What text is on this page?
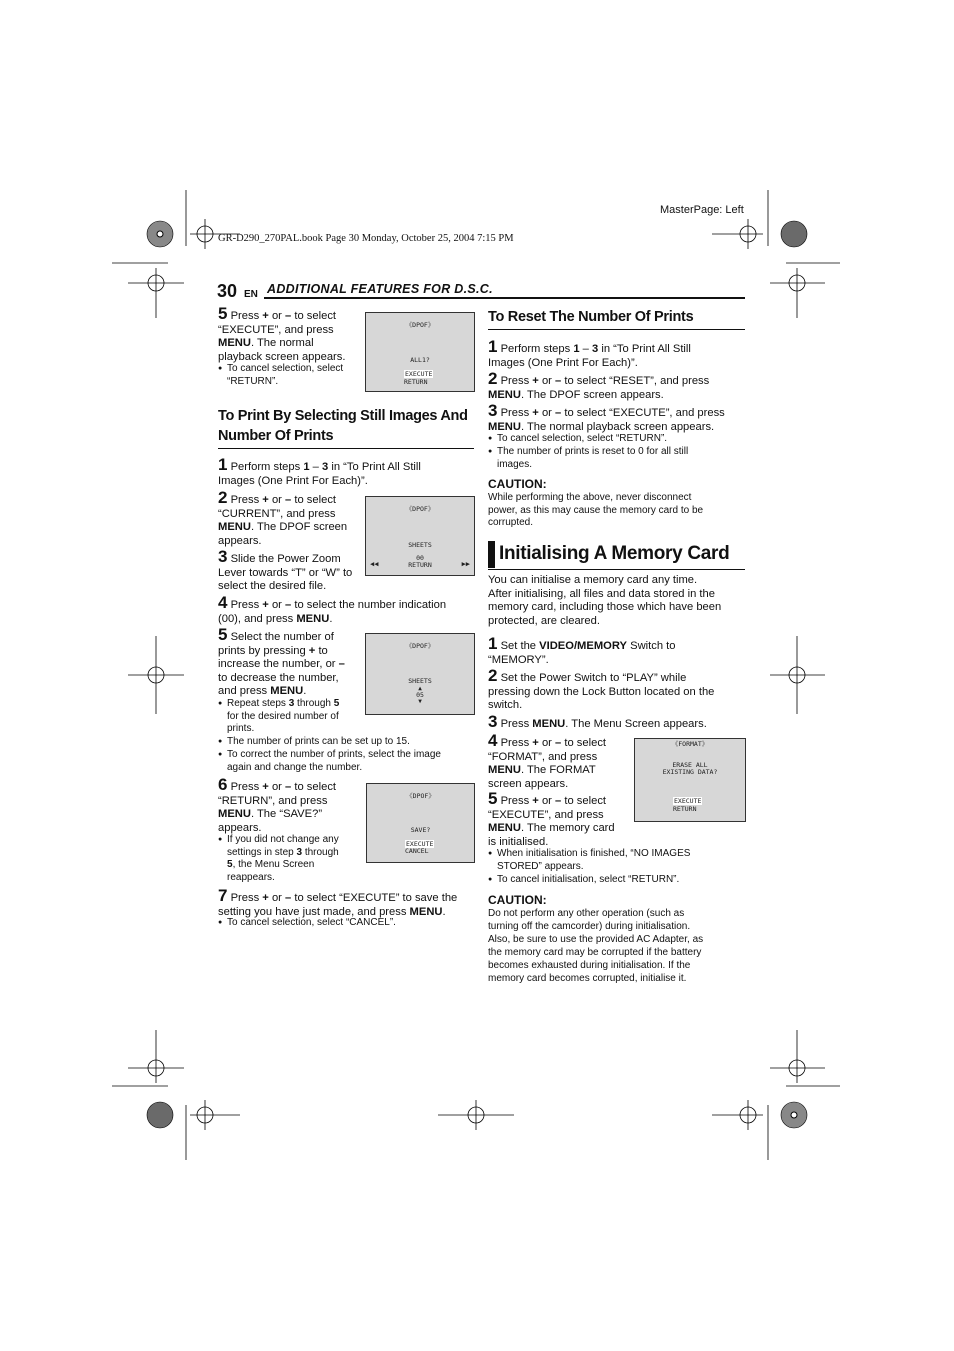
MasterPage: Left
GR-D290_270PAL.book Page 30 Monday, October 25, 2004 7:15 PM
30 EN ADDITIONAL FEATURES FOR D.S.C.
5 Press + or – to select
“EXECUTE”, and press
MENU. The normal
playback screen appears.
● To cancel selection, select
“RETURN”.
《DPOF》
ALL1?
EXECUTE
RETURN
To Print By Selecting Still Images And
Number Of Prints
1 Perform steps 1 – 3 in “To Print All Still
Images (One Print For Each)”.
2 Press + or – to select
“CURRENT”, and press
MENU. The DPOF screen
appears.
3 Slide the Power Zoom
Lever towards “T” or “W” to
select the desired file.
《DPOF》
SHEETS
00
RETURN
◀◀	▶▶
4 Press + or – to select the number indication
(00), and press MENU.
5 Select the number of
prints by pressing + to
increase the number, or –
to decrease the number,
and press MENU.
● Repeat steps 3 through 5
for the desired number of
prints.
● The number of prints can be set up to 15.
● To correct the number of prints, select the image
again and change the number.
《DPOF》
SHEETS
▲
05
▼
6 Press + or – to select
“RETURN”, and press
MENU. The “SAVE?”
appears.
● If you did not change any
settings in step 3 through
5, the Menu Screen
reappears.
《DPOF》
SAVE?
EXECUTE
CANCEL
7 Press + or – to select “EXECUTE” to save the
setting you have just made, and press MENU.
● To cancel selection, select “CANCEL”.
To Reset The Number Of Prints
1 Perform steps 1 – 3 in “To Print All Still
Images (One Print For Each)”.
2 Press + or – to select “RESET”, and press
MENU. The DPOF screen appears.
3 Press + or – to select “EXECUTE”, and press
MENU. The normal playback screen appears.
● To cancel selection, select “RETURN”.
● The number of prints is reset to 0 for all still
images.
CAUTION:
While performing the above, never disconnect
power, as this may cause the memory card to be
corrupted.
Initialising A Memory Card
You can initialise a memory card any time.
After initialising, all files and data stored in the
memory card, including those which have been
protected, are cleared.
1 Set the VIDEO/MEMORY Switch to
“MEMORY”.
2 Set the Power Switch to “PLAY” while
pressing down the Lock Button located on the
switch.
3 Press MENU. The Menu Screen appears.
4 Press + or – to select
“FORMAT”, and press
MENU. The FORMAT
screen appears.
5 Press + or – to select
“EXECUTE”, and press
MENU. The memory card
is initialised.
● When initialisation is finished, “NO IMAGES
STORED” appears.
● To cancel initialisation, select “RETURN”.
《FORMAT》
ERASE ALL
EXISTING DATA?
EXECUTE
RETURN
CAUTION:
Do not perform any other operation (such as
turning off the camcorder) during initialisation.
Also, be sure to use the provided AC Adapter, as
the memory card may be corrupted if the battery
becomes exhausted during initialisation. If the
memory card becomes corrupted, initialise it.
